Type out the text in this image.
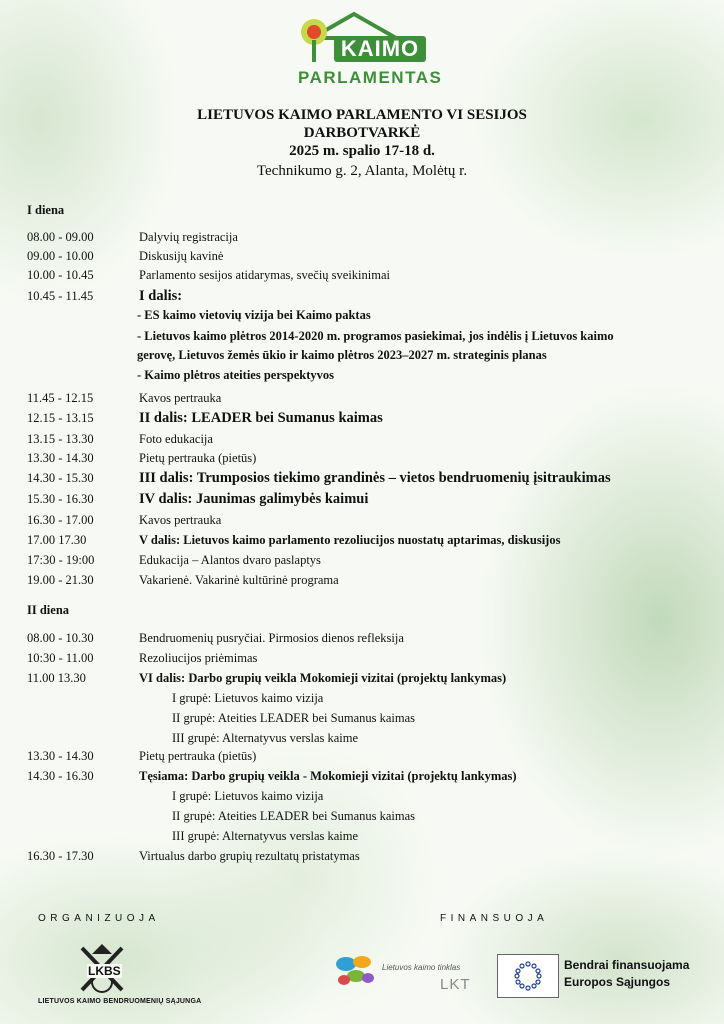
KAIMO
PARLAMENTAS
LIETUVOS KAIMO PARLAMENTO VI SESIJOS
DARBOTVARKĖ
2025 m. spalio 17-18 d.
Technikumo g. 2, Alanta, Molėtų r.
I diena
08.00 - 09.00	Dalyvių registracija
09.00 - 10.00	Diskusijų kavinė
10.00 - 10.45	Parlamento sesijos atidarymas, svečių sveikinimai
10.45 - 11.45	I dalis:
- ES kaimo vietovių vizija bei Kaimo paktas
- Lietuvos kaimo plėtros 2014-2020 m. programos pasiekimai, jos indėlis į Lietuvos kaimo
gerovę, Lietuvos žemės ūkio ir kaimo plėtros 2023–2027 m. strateginis planas
- Kaimo plėtros ateities perspektyvos
11.45 - 12.15	Kavos pertrauka
12.15 - 13.15	II dalis: LEADER bei Sumanus kaimas
13.15 - 13.30	Foto edukacija
13.30 - 14.30	Pietų pertrauka (pietūs)
14.30 - 15.30	III dalis: Trumposios tiekimo grandinės – vietos bendruomenių įsitraukimas
15.30 - 16.30	IV dalis: Jaunimas galimybės kaimui
16.30 - 17.00	Kavos pertrauka
17.00 17.30	V dalis: Lietuvos kaimo parlamento rezoliucijos nuostatų aptarimas, diskusijos
17:30 - 19:00	Edukacija – Alantos dvaro paslaptys
19.00 - 21.30	Vakarienė. Vakarinė kultūrinė programa
II diena
08.00 - 10.30	Bendruomenių pusryčiai. Pirmosios dienos refleksija
10:30 - 11.00	Rezoliucijos priėmimas
11.00 13.30	VI dalis: Darbo grupių veikla Mokomieji vizitai (projektų lankymas)
I grupė: Lietuvos kaimo vizija
II grupė: Ateities LEADER bei Sumanus kaimas
III grupė: Alternatyvus verslas kaime
13.30 - 14.30	Pietų pertrauka (pietūs)
14.30 - 16.30	Tęsiama: Darbo grupių veikla - Mokomieji vizitai (projektų lankymas)
I grupė: Lietuvos kaimo vizija
II grupė: Ateities LEADER bei Sumanus kaimas
III grupė: Alternatyvus verslas kaime
16.30 - 17.30	Virtualus darbo grupių rezultatų pristatymas
ORGANIZUOJA	FINANSUOJA
LKBS
LIETUVOS KAIMO BENDRUOMENIŲ SĄJUNGA
Lietuvos kaimo tinklas
LKT
Bendrai finansuojama
Europos Sąjungos
